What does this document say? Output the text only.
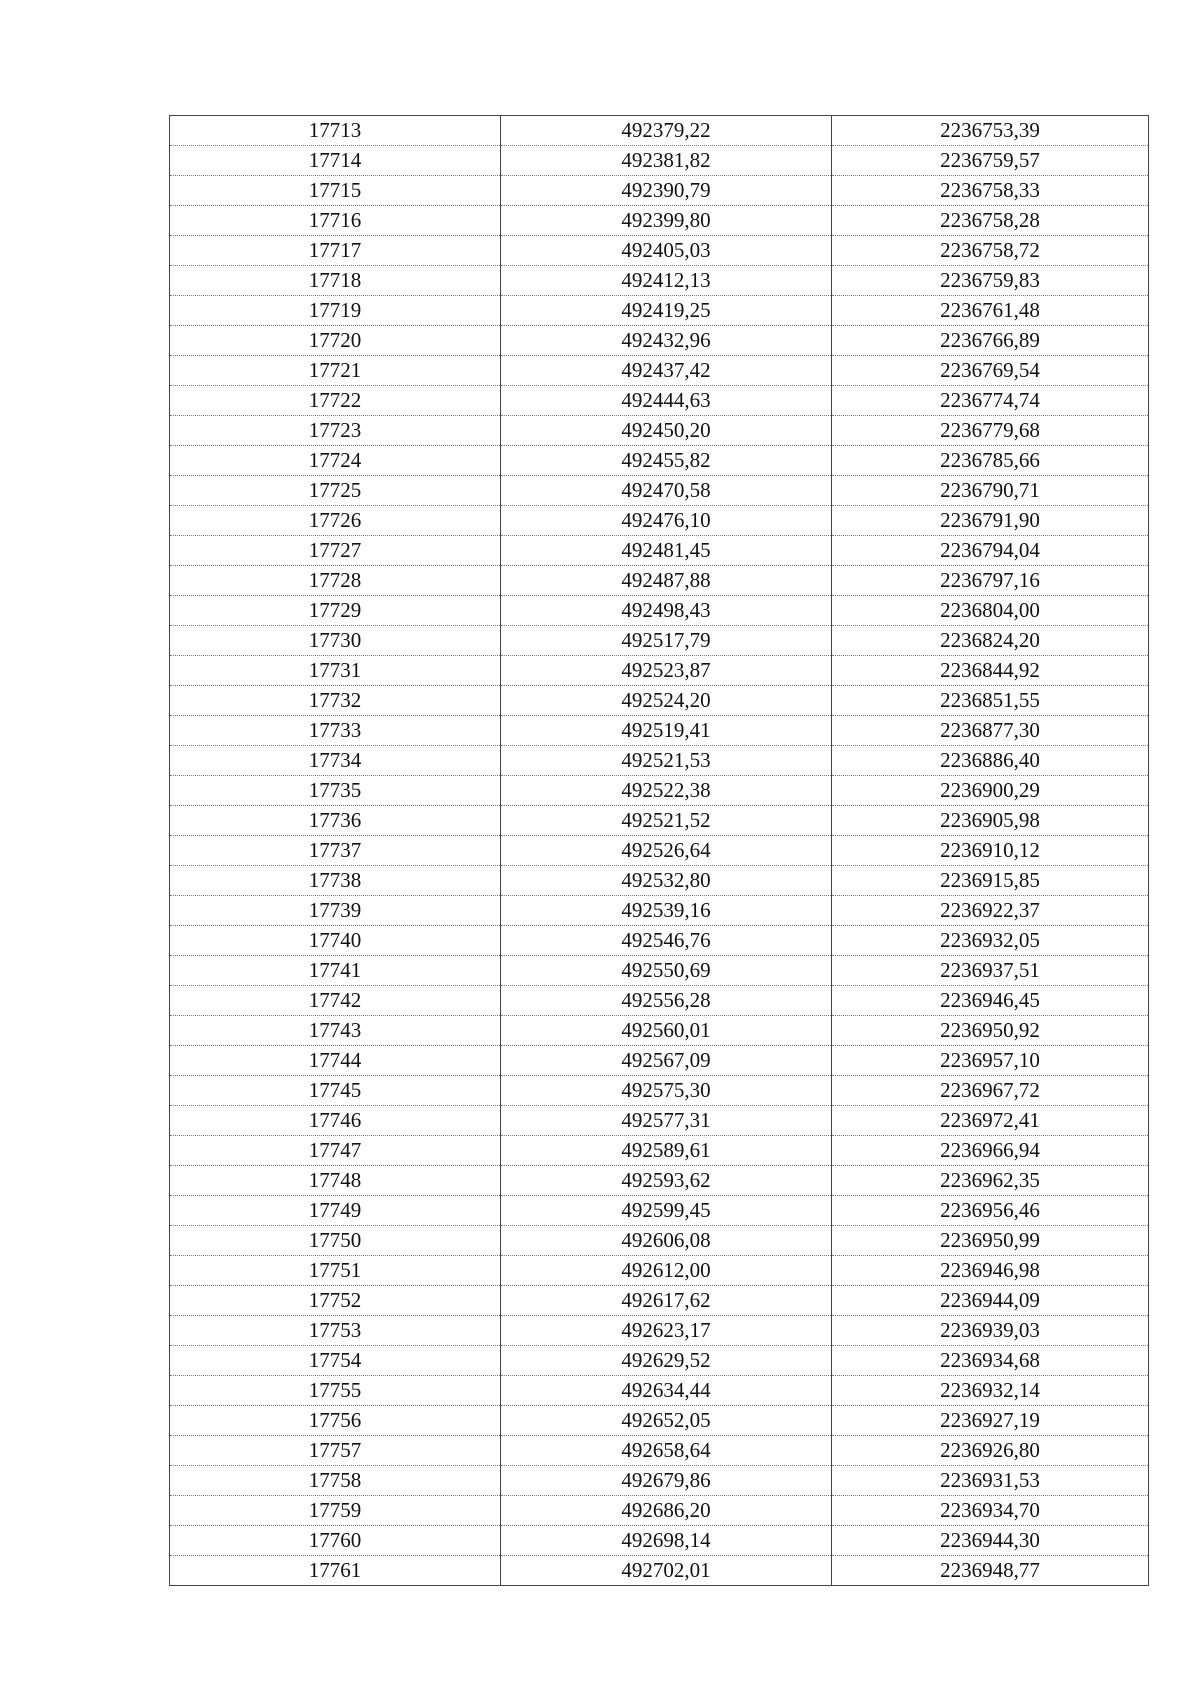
17713	492379,22	2236753,39
17714	492381,82	2236759,57
17715	492390,79	2236758,33
17716	492399,80	2236758,28
17717	492405,03	2236758,72
17718	492412,13	2236759,83
17719	492419,25	2236761,48
17720	492432,96	2236766,89
17721	492437,42	2236769,54
17722	492444,63	2236774,74
17723	492450,20	2236779,68
17724	492455,82	2236785,66
17725	492470,58	2236790,71
17726	492476,10	2236791,90
17727	492481,45	2236794,04
17728	492487,88	2236797,16
17729	492498,43	2236804,00
17730	492517,79	2236824,20
17731	492523,87	2236844,92
17732	492524,20	2236851,55
17733	492519,41	2236877,30
17734	492521,53	2236886,40
17735	492522,38	2236900,29
17736	492521,52	2236905,98
17737	492526,64	2236910,12
17738	492532,80	2236915,85
17739	492539,16	2236922,37
17740	492546,76	2236932,05
17741	492550,69	2236937,51
17742	492556,28	2236946,45
17743	492560,01	2236950,92
17744	492567,09	2236957,10
17745	492575,30	2236967,72
17746	492577,31	2236972,41
17747	492589,61	2236966,94
17748	492593,62	2236962,35
17749	492599,45	2236956,46
17750	492606,08	2236950,99
17751	492612,00	2236946,98
17752	492617,62	2236944,09
17753	492623,17	2236939,03
17754	492629,52	2236934,68
17755	492634,44	2236932,14
17756	492652,05	2236927,19
17757	492658,64	2236926,80
17758	492679,86	2236931,53
17759	492686,20	2236934,70
17760	492698,14	2236944,30
17761	492702,01	2236948,77
